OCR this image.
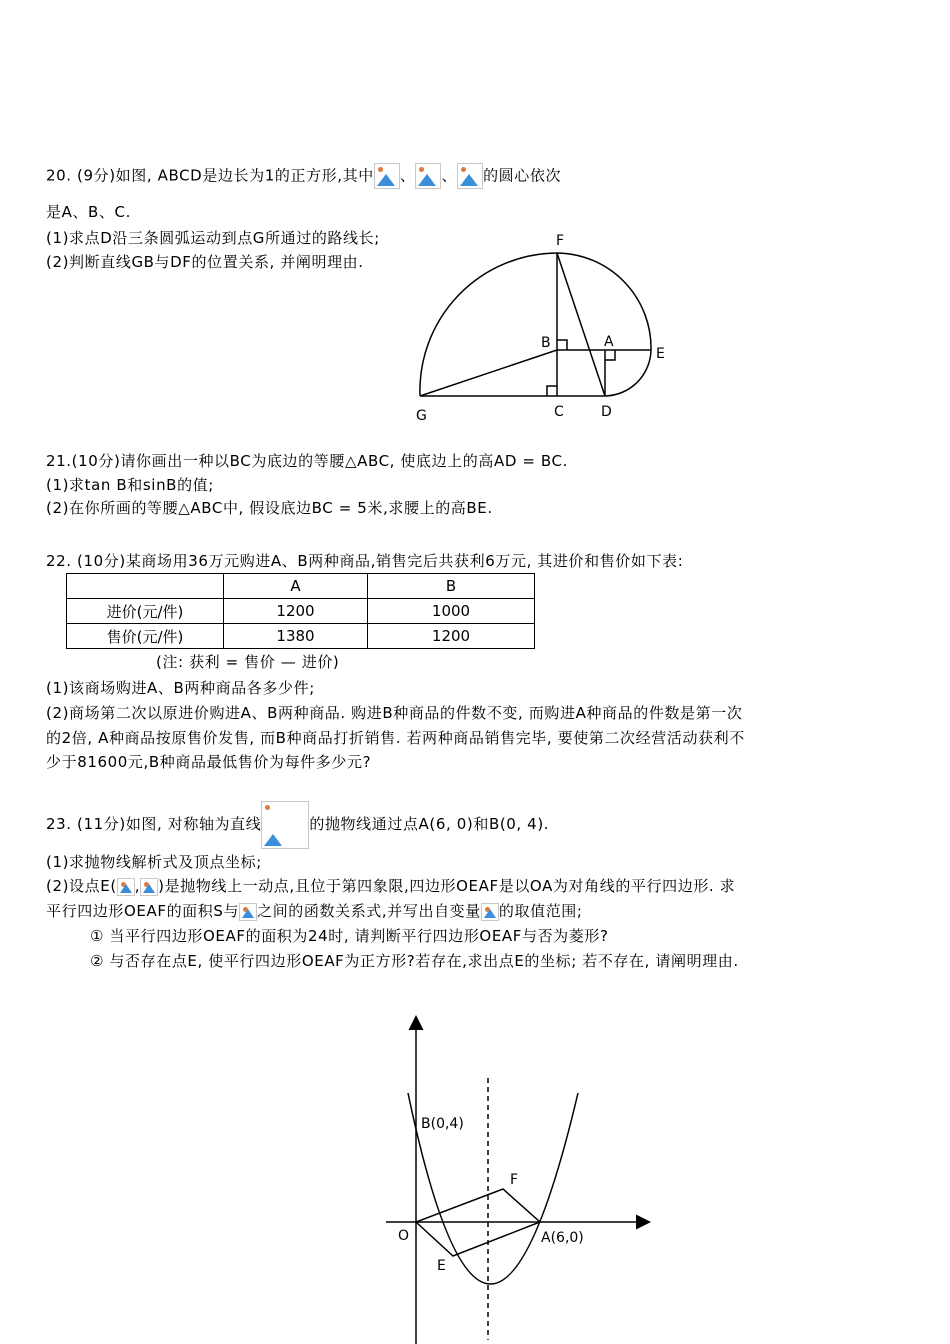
20. (9分)如图, ABCD是边长为1的正方形,其中 、 、 的圆心依次
是A、B、C.
(1)求点D沿三条圆弧运动到点G所通过的路线长;
(2)判断直线GB与DF的位置关系, 并阐明理由.
F
B	A
E
G	C	D
21.(10分)请你画出一种以BC为底边的等腰△ABC, 使底边上的高AD = BC.
(1)求tan B和sinB的值;
(2)在你所画的等腰△ABC中, 假设底边BC = 5米,求腰上的高BE.
22. (10分)某商场用36万元购进A、B两种商品,销售完后共获利6万元, 其进价和售价如下表:
	A	B
进价(元/件)	1200	1000
售价(元/件)	1380	1200
(注: 获利 = 售价 — 进价)
(1)该商场购进A、B两种商品各多少件;
(2)商场第二次以原进价购进A、B两种商品. 购进B种商品的件数不变, 而购进A种商品的件数是第一次
的2倍, A种商品按原售价发售, 而B种商品打折销售. 若两种商品销售完毕, 要使第二次经营活动获利不
少于81600元,B种商品最低售价为每件多少元?
23. (11分)如图, 对称轴为直线	的抛物线通过点A(6, 0)和B(0, 4).
(1)求抛物线解析式及顶点坐标;
(2)设点E( , )是抛物线上一动点,且位于第四象限,四边形OEAF是以OA为对角线的平行四边形. 求
平行四边形OEAF的面积S与 之间的函数关系式,并写出自变量 的取值范围;
① 当平行四边形OEAF的面积为24时, 请判断平行四边形OEAF与否为菱形?
② 与否存在点E, 使平行四边形OEAF为正方形?若存在,求出点E的坐标; 若不存在, 请阐明理由.
B(0,4)
F
O	A(6,0)
E
